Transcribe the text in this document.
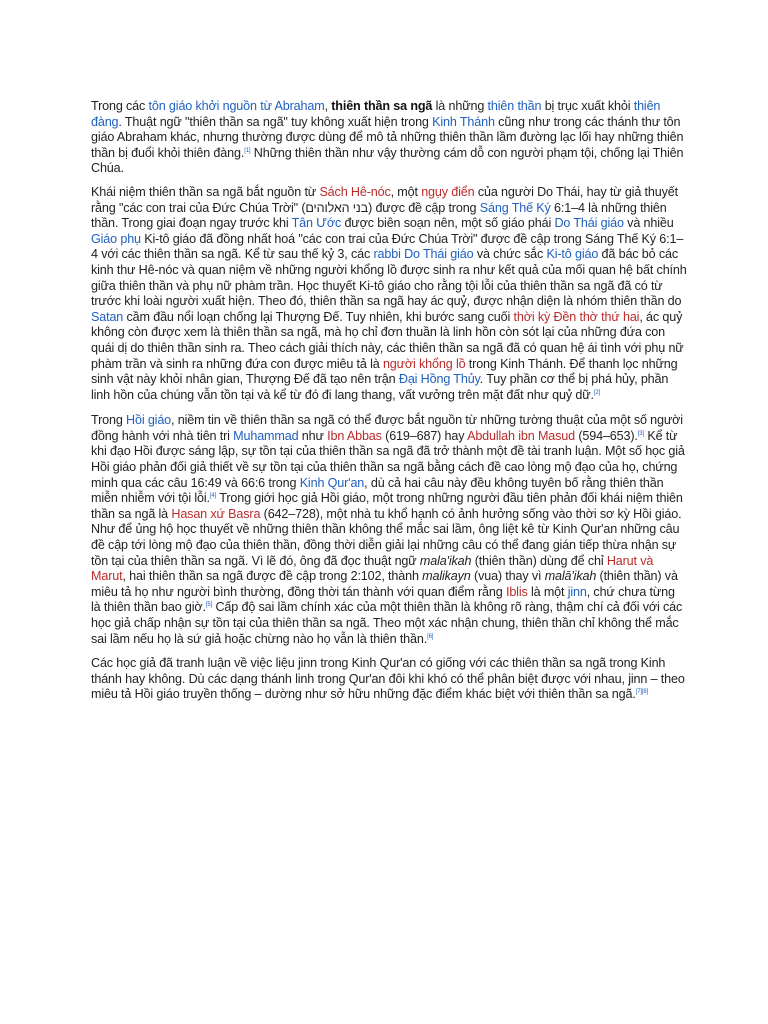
Trong các tôn giáo khởi nguồn từ Abraham, thiên thần sa ngã là những thiên thần bị trục xuất khỏi thiên đàng. Thuật ngữ "thiên thần sa ngã" tuy không xuất hiện trong Kinh Thánh cũng như trong các thánh thư tôn giáo Abraham khác, nhưng thường được dùng để mô tả những thiên thần lầm đường lạc lối hay những thiên thần bị đuổi khỏi thiên đàng.[1] Những thiên thần như vậy thường cám dỗ con người phạm tội, chống lại Thiên Chúa.

Khái niệm thiên thần sa ngã bắt nguồn từ Sách Hê-nóc, một ngụy điển của người Do Thái, hay từ giả thuyết rằng "các con trai của Đức Chúa Trời" (בני האלוהים) được đề cập trong Sáng Thế Ký 6:1–4 là những thiên thần. Trong giai đoạn ngay trước khi Tân Ước được biên soạn nên, một số giáo phái Do Thái giáo và nhiều Giáo phụ Ki-tô giáo đã đồng nhất hoá "các con trai của Đức Chúa Trời" được đề cập trong Sáng Thế Ký 6:1–4 với các thiên thần sa ngã. Kể từ sau thế kỷ 3, các rabbi Do Thái giáo và chức sắc Ki-tô giáo đã bác bỏ các kinh thư Hê-nóc và quan niệm về những người khổng lồ được sinh ra như kết quả của mối quan hệ bất chính giữa thiên thần và phụ nữ phàm trần. Học thuyết Ki-tô giáo cho rằng tội lỗi của thiên thần sa ngã đã có từ trước khi loài người xuất hiện. Theo đó, thiên thần sa ngã hay ác quỷ, được nhận diện là nhóm thiên thần do Satan cầm đầu nổi loạn chống lại Thượng Đế. Tuy nhiên, khi bước sang cuối thời kỳ Đền thờ thứ hai, ác quỷ không còn được xem là thiên thần sa ngã, mà họ chỉ đơn thuần là linh hồn còn sót lại của những đứa con quái dị do thiên thần sinh ra. Theo cách giải thích này, các thiên thần sa ngã đã có quan hệ ái tình với phụ nữ phàm trần và sinh ra những đứa con được miêu tả là người khổng lồ trong Kinh Thánh. Để thanh lọc những sinh vật này khỏi nhân gian, Thượng Đế đã tạo nên trận Đại Hồng Thủy. Tuy phần cơ thể bị phá hủy, phần linh hồn của chúng vẫn tồn tại và kể từ đó đi lang thang, vất vưởng trên mặt đất như quỷ dữ.[2]

Trong Hồi giáo, niềm tin về thiên thần sa ngã có thể được bắt nguồn từ những tường thuật của một số người đồng hành với nhà tiên tri Muhammad như Ibn Abbas (619–687) hay Abdullah ibn Masud (594–653).[3] Kể từ khi đạo Hồi được sáng lập, sự tồn tại của thiên thần sa ngã đã trở thành một đề tài tranh luận. Một số học giả Hồi giáo phản đối giả thiết về sự tồn tại của thiên thần sa ngã bằng cách đề cao lòng mộ đạo của họ, chứng minh qua các câu 16:49 và 66:6 trong Kinh Qur'an, dù cả hai câu này đều không tuyên bố rằng thiên thần miễn nhiễm với tội lỗi.[4] Trong giới học giả Hồi giáo, một trong những người đầu tiên phản đối khái niệm thiên thần sa ngã là Hasan xứ Basra (642–728), một nhà tu khổ hạnh có ảnh hưởng sống vào thời sơ kỳ Hồi giáo. Như để ủng hộ học thuyết về những thiên thần không thể mắc sai lầm, ông liệt kê từ Kinh Qur'an những câu đề cập tới lòng mộ đạo của thiên thần, đồng thời diễn giải lại những câu có thể đang gián tiếp thừa nhận sự tồn tại của thiên thần sa ngã. Vì lẽ đó, ông đã đọc thuật ngữ mala'ikah (thiên thần) dùng để chỉ Harut và Marut, hai thiên thần sa ngã được đề cập trong 2:102, thành malikayn (vua) thay vì malā'ikah (thiên thần) và miêu tả họ như người bình thường, đồng thời tán thành với quan điểm rằng Iblis là một jinn, chứ chưa từng là thiên thần bao giờ.[5] Cấp độ sai lầm chính xác của một thiên thần là không rõ ràng, thậm chí cả đối với các học giả chấp nhận sự tồn tại của thiên thần sa ngã. Theo một xác nhận chung, thiên thần chỉ không thể mắc sai lầm nếu họ là sứ giả hoặc chừng nào họ vẫn là thiên thần.[6]

Các học giả đã tranh luận về việc liệu jinn trong Kinh Qur'an có giống với các thiên thần sa ngã trong Kinh thánh hay không. Dù các dạng thánh linh trong Qur'an đôi khi khó có thể phân biệt được với nhau, jinn – theo miêu tả Hồi giáo truyền thống – dường như sở hữu những đặc điểm khác biệt với thiên thần sa ngã.[7][8]
